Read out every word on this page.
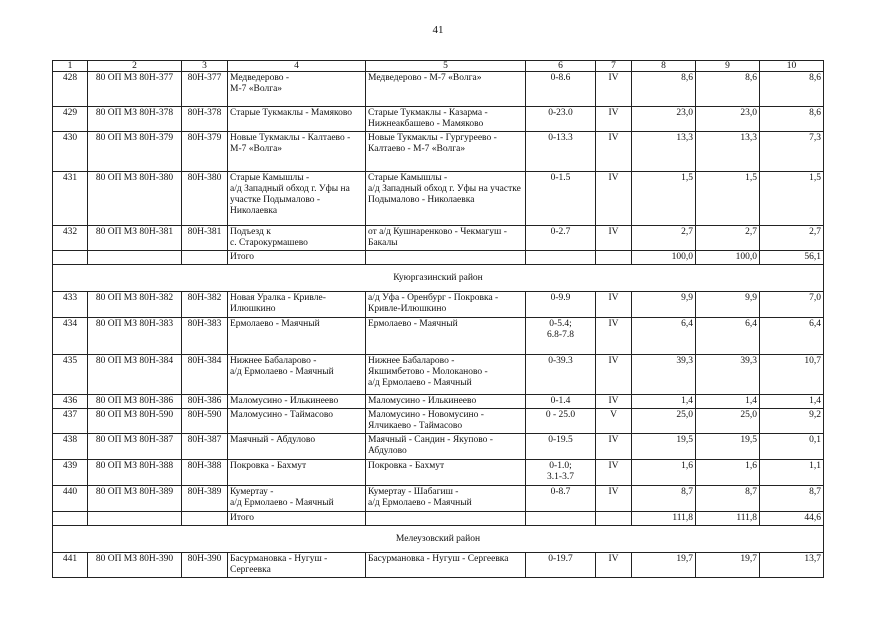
41
1	2	3	4	5	6	7	8	9	10
428	80 ОП МЗ 80Н-377	80Н-377	Медведерово -
М-7 «Волга»	Медведерово - М-7 «Волга»	0-8.6	IV	8,6	8,6	8,6
429	80 ОП МЗ 80Н-378	80Н-378	Старые Тукмаклы - Мамяково	Старые Тукмаклы - Казарма -
Нижнеакбашево - Мамяково	0-23.0	IV	23,0	23,0	8,6
430	80 ОП МЗ 80Н-379	80Н-379	Новые Тукмаклы - Калтаево -
М-7 «Волга»	Новые Тукмаклы - Гургуреево -
Калтаево - М-7 «Волга»	0-13.3	IV	13,3	13,3	7,3
431	80 ОП МЗ 80Н-380	80Н-380	Старые Камышлы -
а/д Западный обход г. Уфы на
участке Подымалово -
Николаевка	Старые Камышлы -
а/д Западный обход г. Уфы на участке
Подымалово - Николаевка	0-1.5	IV	1,5	1,5	1,5
432	80 ОП МЗ 80Н-381	80Н-381	Подъезд к
с. Старокурмашево	от а/д Кушнаренково - Чекмагуш -
Бакалы	0-2.7	IV	2,7	2,7	2,7
			Итого				100,0	100,0	56,1
Куюргазинский район									
433	80 ОП МЗ 80Н-382	80Н-382	Новая Уралка - Кривле-
Илюшкино	а/д Уфа - Оренбург - Покровка -
Кривле-Илюшкино	0-9.9	IV	9,9	9,9	7,0
434	80 ОП МЗ 80Н-383	80Н-383	Ермолаево - Маячный	Ермолаево - Маячный	0-5.4;
6.8-7.8	IV	6,4	6,4	6,4
435	80 ОП МЗ 80Н-384	80Н-384	Нижнее Бабаларово -
а/д Ермолаево - Маячный	Нижнее Бабаларово -
Якшимбетово - Молоканово -
а/д Ермолаево - Маячный	0-39.3	IV	39,3	39,3	10,7
436	80 ОП МЗ 80Н-386	80Н-386	Маломусино - Илькинеево	Маломусино - Илькинеево	0-1.4	IV	1,4	1,4	1,4
437	80 ОП МЗ 80Н-590	80Н-590	Маломусино - Таймасово	Маломусино - Новомусино -
Ялчикаево - Таймасово	0 - 25.0	V	25,0	25,0	9,2
438	80 ОП МЗ 80Н-387	80Н-387	Маячный - Абдулово	Маячный - Сандин - Якупово -
Абдулово	0-19.5	IV	19,5	19,5	0,1
439	80 ОП МЗ 80Н-388	80Н-388	Покровка - Бахмут	Покровка - Бахмут	0-1.0;
3.1-3.7	IV	1,6	1,6	1,1
440	80 ОП МЗ 80Н-389	80Н-389	Кумертау -
а/д Ермолаево - Маячный	Кумертау - Шабагиш -
а/д Ермолаево - Маячный	0-8.7	IV	8,7	8,7	8,7
			Итого				111,8	111,8	44,6
Мелеузовский район									
441	80 ОП МЗ 80Н-390	80Н-390	Басурмановка - Нугуш -
Сергеевка	Басурмановка - Нугуш - Сергеевка	0-19.7	IV	19,7	19,7	13,7
